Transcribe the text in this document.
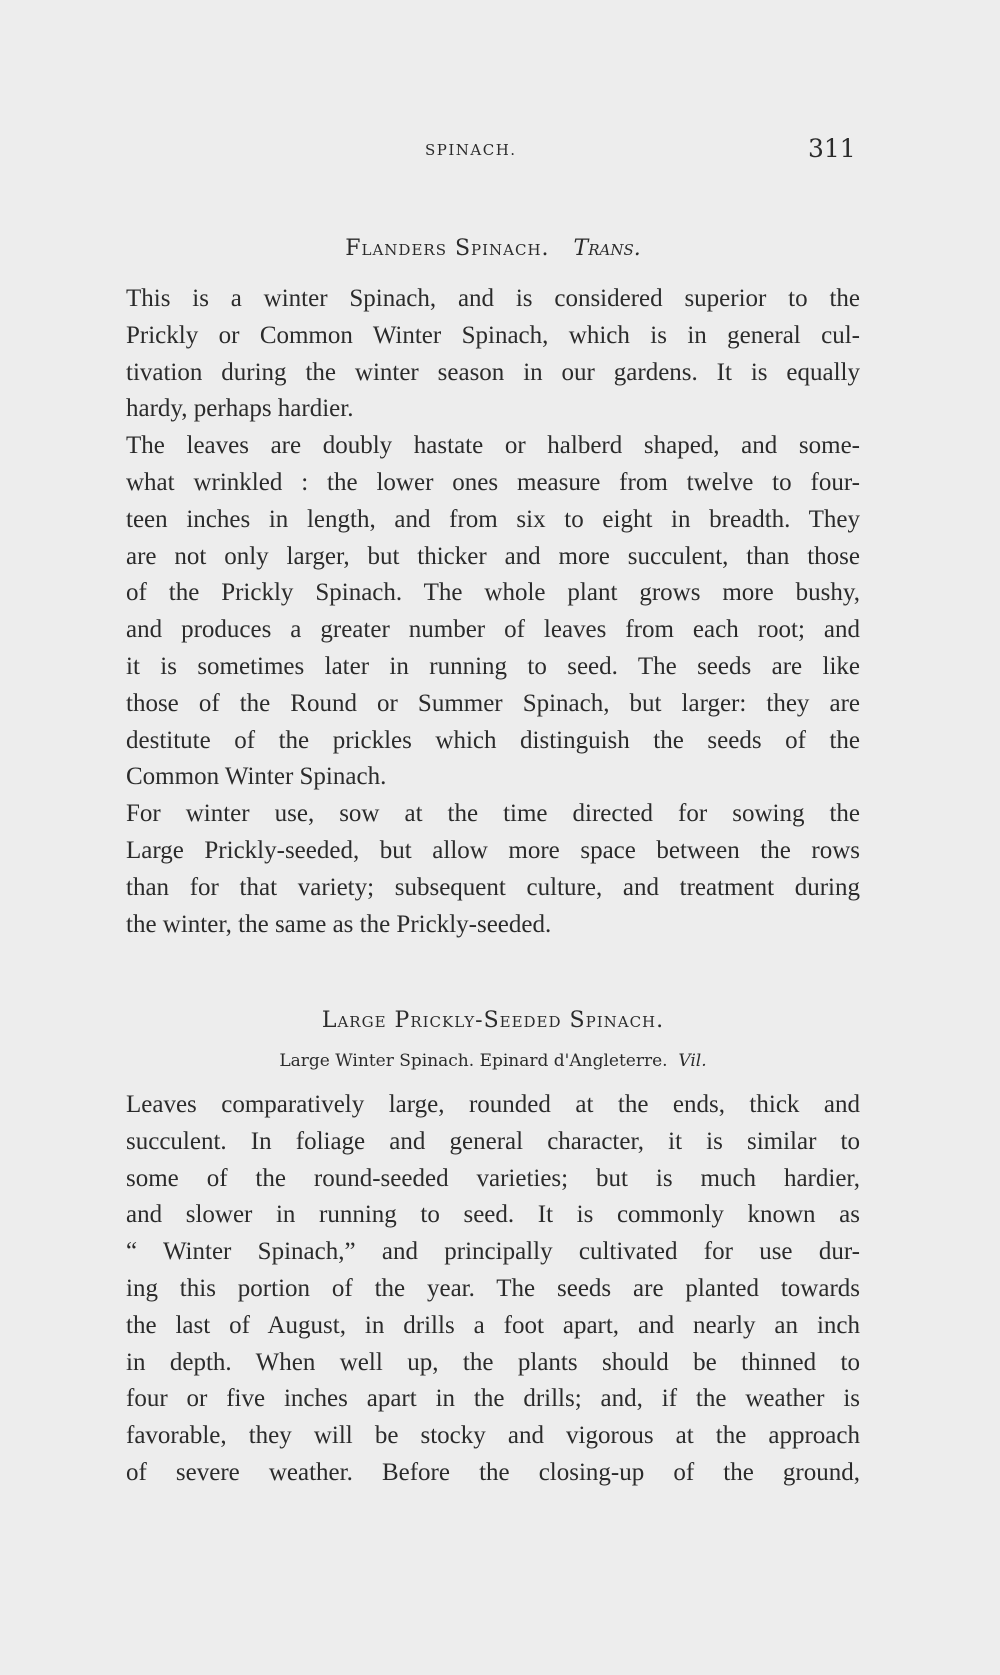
SPINACH.	311
Flanders Spinach. Trans.
This is a winter Spinach, and is considered superior to the
Prickly or Common Winter Spinach, which is in general cul-
tivation during the winter season in our gardens. It is equally
hardy, perhaps hardier.
The leaves are doubly hastate or halberd shaped, and some-
what wrinkled : the lower ones measure from twelve to four-
teen inches in length, and from six to eight in breadth. They
are not only larger, but thicker and more succulent, than those
of the Prickly Spinach. The whole plant grows more bushy,
and produces a greater number of leaves from each root; and
it is sometimes later in running to seed. The seeds are like
those of the Round or Summer Spinach, but larger: they are
destitute of the prickles which distinguish the seeds of the
Common Winter Spinach.
For winter use, sow at the time directed for sowing the
Large Prickly-seeded, but allow more space between the rows
than for that variety; subsequent culture, and treatment during
the winter, the same as the Prickly-seeded.
Large Prickly-Seeded Spinach.
Large Winter Spinach. Epinard d'Angleterre. Vil.
Leaves comparatively large, rounded at the ends, thick and
succulent. In foliage and general character, it is similar to
some of the round-seeded varieties; but is much hardier,
and slower in running to seed. It is commonly known as
“ Winter Spinach,” and principally cultivated for use dur-
ing this portion of the year. The seeds are planted towards
the last of August, in drills a foot apart, and nearly an inch
in depth. When well up, the plants should be thinned to
four or five inches apart in the drills; and, if the weather is
favorable, they will be stocky and vigorous at the approach
of severe weather. Before the closing-up of the ground,
